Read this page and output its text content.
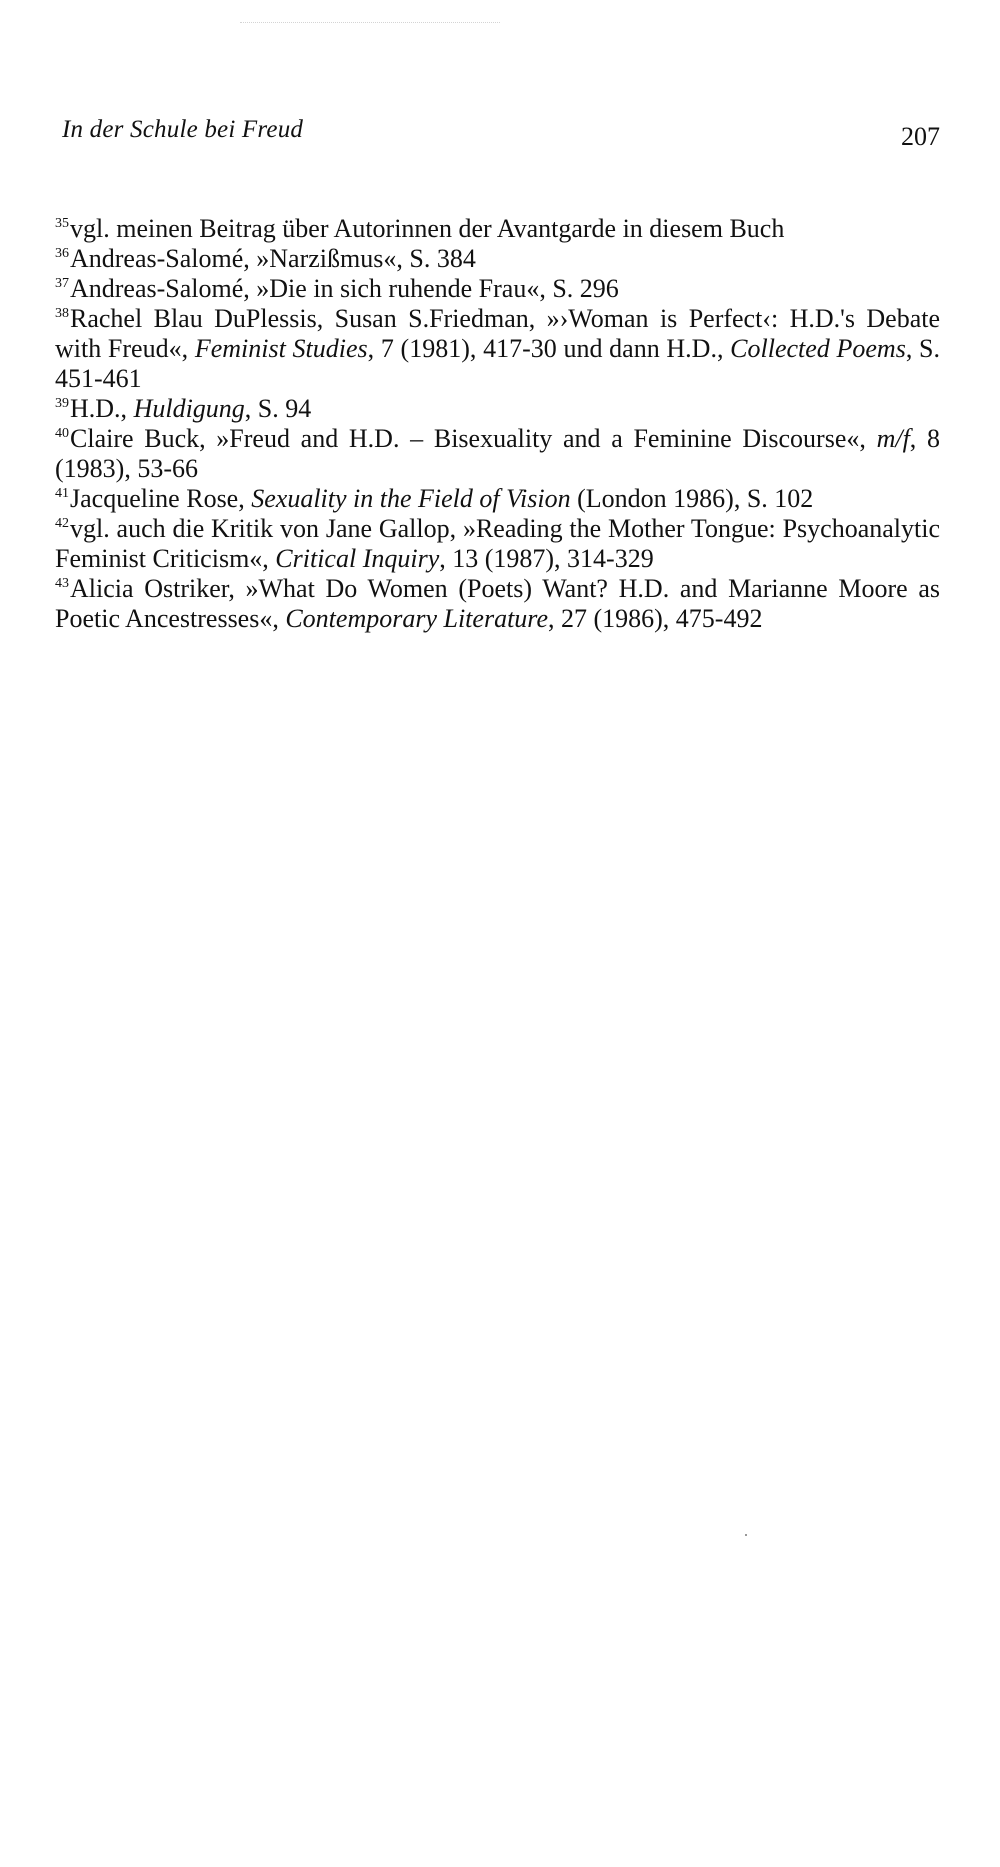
In der Schule bei Freud	207

$^{35}$vgl. meinen Beitrag über Autorinnen der Avantgarde in diesem Buch

$^{36}$Andreas-Salomé, »Narzißmus«, S. 384

$^{37}$Andreas-Salomé, »Die in sich ruhende Frau«, S. 296

$^{38}$Rachel Blau DuPlessis, Susan S.Friedman, »›Woman is Perfect‹: H.D.'s Debate with Freud«, Feminist Studies, 7 (1981), 417-30 und dann H.D., Collected Poems, S. 451-461

$^{39}$H.D., Huldigung, S. 94

$^{40}$Claire Buck, »Freud and H.D. – Bisexuality and a Feminine Discourse«, m/f, 8 (1983), 53-66

$^{41}$Jacqueline Rose, Sexuality in the Field of Vision (London 1986), S. 102

$^{42}$vgl. auch die Kritik von Jane Gallop, »Reading the Mother Tongue: Psychoanalytic Feminist Criticism«, Critical Inquiry, 13 (1987), 314-329

$^{43}$Alicia Ostriker, »What Do Women (Poets) Want? H.D. and Marianne Moore as Poetic Ancestresses«, Contemporary Literature, 27 (1986), 475-492
